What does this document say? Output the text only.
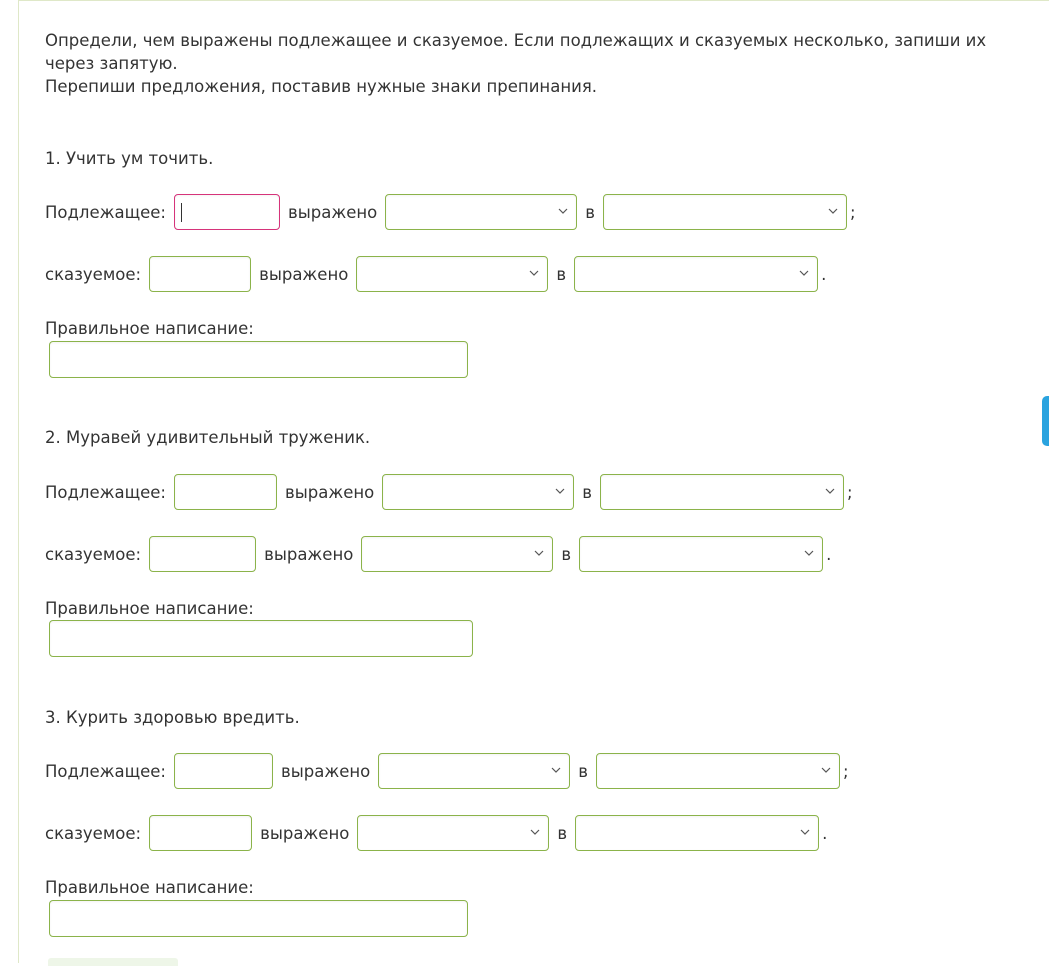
Определи, чем выражены подлежащее и сказуемое. Если подлежащих и сказуемых несколько, запиши их через запятую.
Перепиши предложения, поставив нужные знаки препинания.
1. Учить ум точить.
Подлежащее:	выражено	в	;
сказуемое:	выражено	в	.
Правильное написание:
2. Муравей удивительный труженик.
Подлежащее:	выражено	в	;
сказуемое:	выражено	в	.
Правильное написание:
3. Курить здоровью вредить.
Подлежащее:	выражено	в	;
сказуемое:	выражено	в	.
Правильное написание:
